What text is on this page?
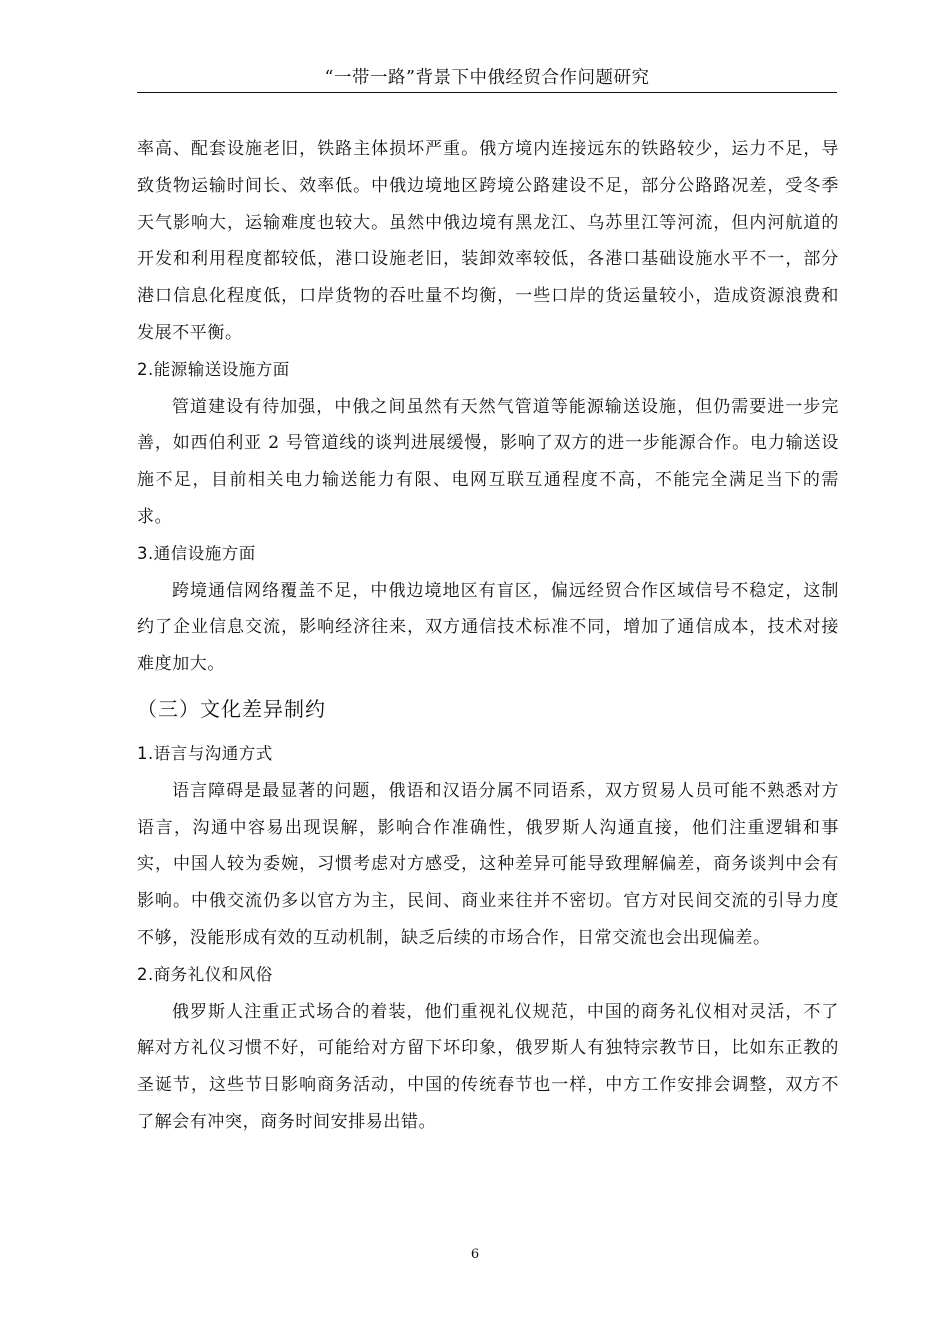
“一带一路”背景下中俄经贸合作问题研究

率高、配套设施老旧，铁路主体损坏严重。俄方境内连接远东的铁路较少，运力不足，导致货物运输时间长、效率低。中俄边境地区跨境公路建设不足，部分公路路况差，受冬季天气影响大，运输难度也较大。虽然中俄边境有黑龙江、乌苏里江等河流，但内河航道的开发和利用程度都较低，港口设施老旧，装卸效率较低，各港口基础设施水平不一，部分港口信息化程度低，口岸货物的吞吐量不均衡，一些口岸的货运量较小，造成资源浪费和发展不平衡。

2.能源输送设施方面

管道建设有待加强，中俄之间虽然有天然气管道等能源输送设施，但仍需要进一步完善，如西伯利亚 2 号管道线的谈判进展缓慢，影响了双方的进一步能源合作。电力输送设施不足，目前相关电力输送能力有限、电网互联互通程度不高，不能完全满足当下的需求。

3.通信设施方面

跨境通信网络覆盖不足，中俄边境地区有盲区，偏远经贸合作区域信号不稳定，这制约了企业信息交流，影响经济往来，双方通信技术标准不同，增加了通信成本，技术对接难度加大。

（三）文化差异制约

1.语言与沟通方式

语言障碍是最显著的问题，俄语和汉语分属不同语系，双方贸易人员可能不熟悉对方语言，沟通中容易出现误解，影响合作准确性，俄罗斯人沟通直接，他们注重逻辑和事实，中国人较为委婉，习惯考虑对方感受，这种差异可能导致理解偏差，商务谈判中会有影响。中俄交流仍多以官方为主，民间、商业来往并不密切。官方对民间交流的引导力度不够，没能形成有效的互动机制，缺乏后续的市场合作，日常交流也会出现偏差。

2.商务礼仪和风俗

俄罗斯人注重正式场合的着装，他们重视礼仪规范，中国的商务礼仪相对灵活，不了解对方礼仪习惯不好，可能给对方留下坏印象，俄罗斯人有独特宗教节日，比如东正教的圣诞节，这些节日影响商务活动，中国的传统春节也一样，中方工作安排会调整，双方不了解会有冲突，商务时间安排易出错。

6
